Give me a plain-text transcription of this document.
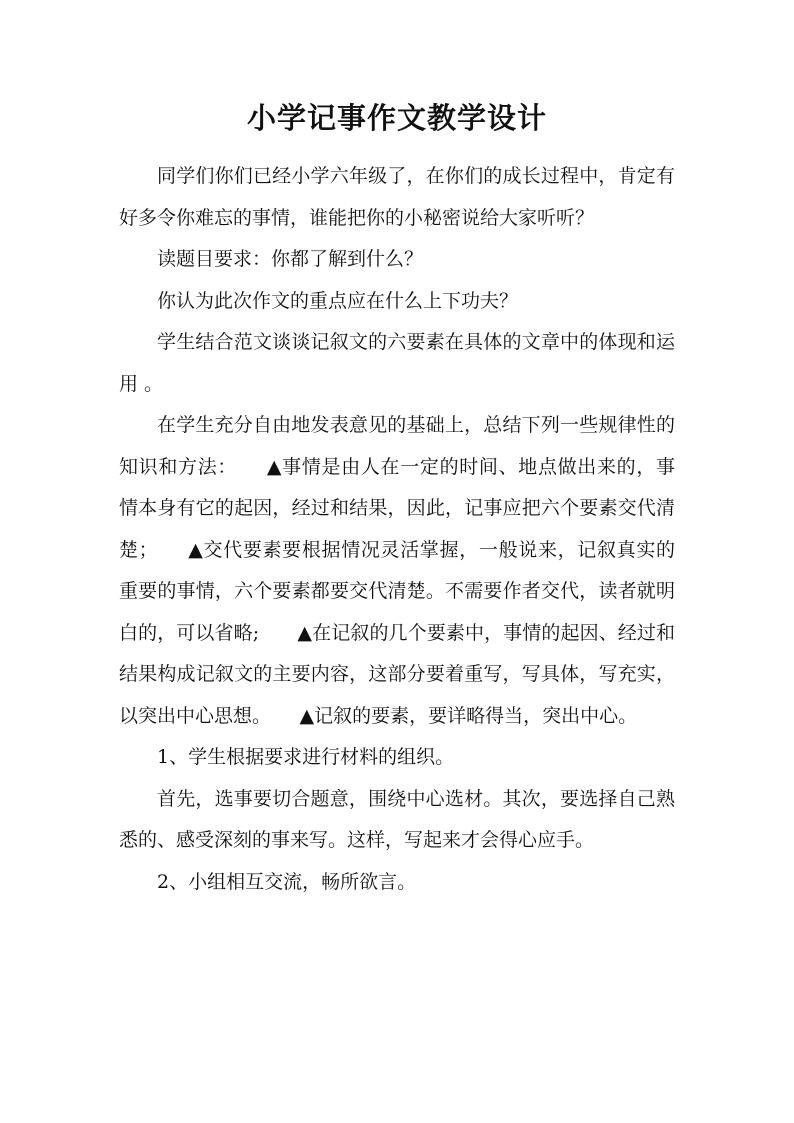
小学记事作文教学设计

同学们你们已经小学六年级了，在你们的成长过程中，肯定有好多令你难忘的事情，谁能把你的小秘密说给大家听听？

读题目要求：你都了解到什么？

你认为此次作文的重点应在什么上下功夫？

学生结合范文谈谈记叙文的六要素在具体的文章中的体现和运用 。

在学生充分自由地发表意见的基础上，总结下列一些规律性的知识和方法：　　▲事情是由人在一定的时间、地点做出来的，事情本身有它的起因，经过和结果，因此，记事应把六个要素交代清楚；　　▲交代要素要根据情况灵活掌握，一般说来，记叙真实的重要的事情，六个要素都要交代清楚。不需要作者交代，读者就明白的，可以省略;　　▲在记叙的几个要素中，事情的起因、经过和结果构成记叙文的主要内容，这部分要着重写，写具体，写充实，以突出中心思想。　　▲记叙的要素，要详略得当，突出中心。

1、学生根据要求进行材料的组织。

首先，选事要切合题意，围绕中心选材。其次，要选择自己熟悉的、感受深刻的事来写。这样，写起来才会得心应手。

2、小组相互交流，畅所欲言。
